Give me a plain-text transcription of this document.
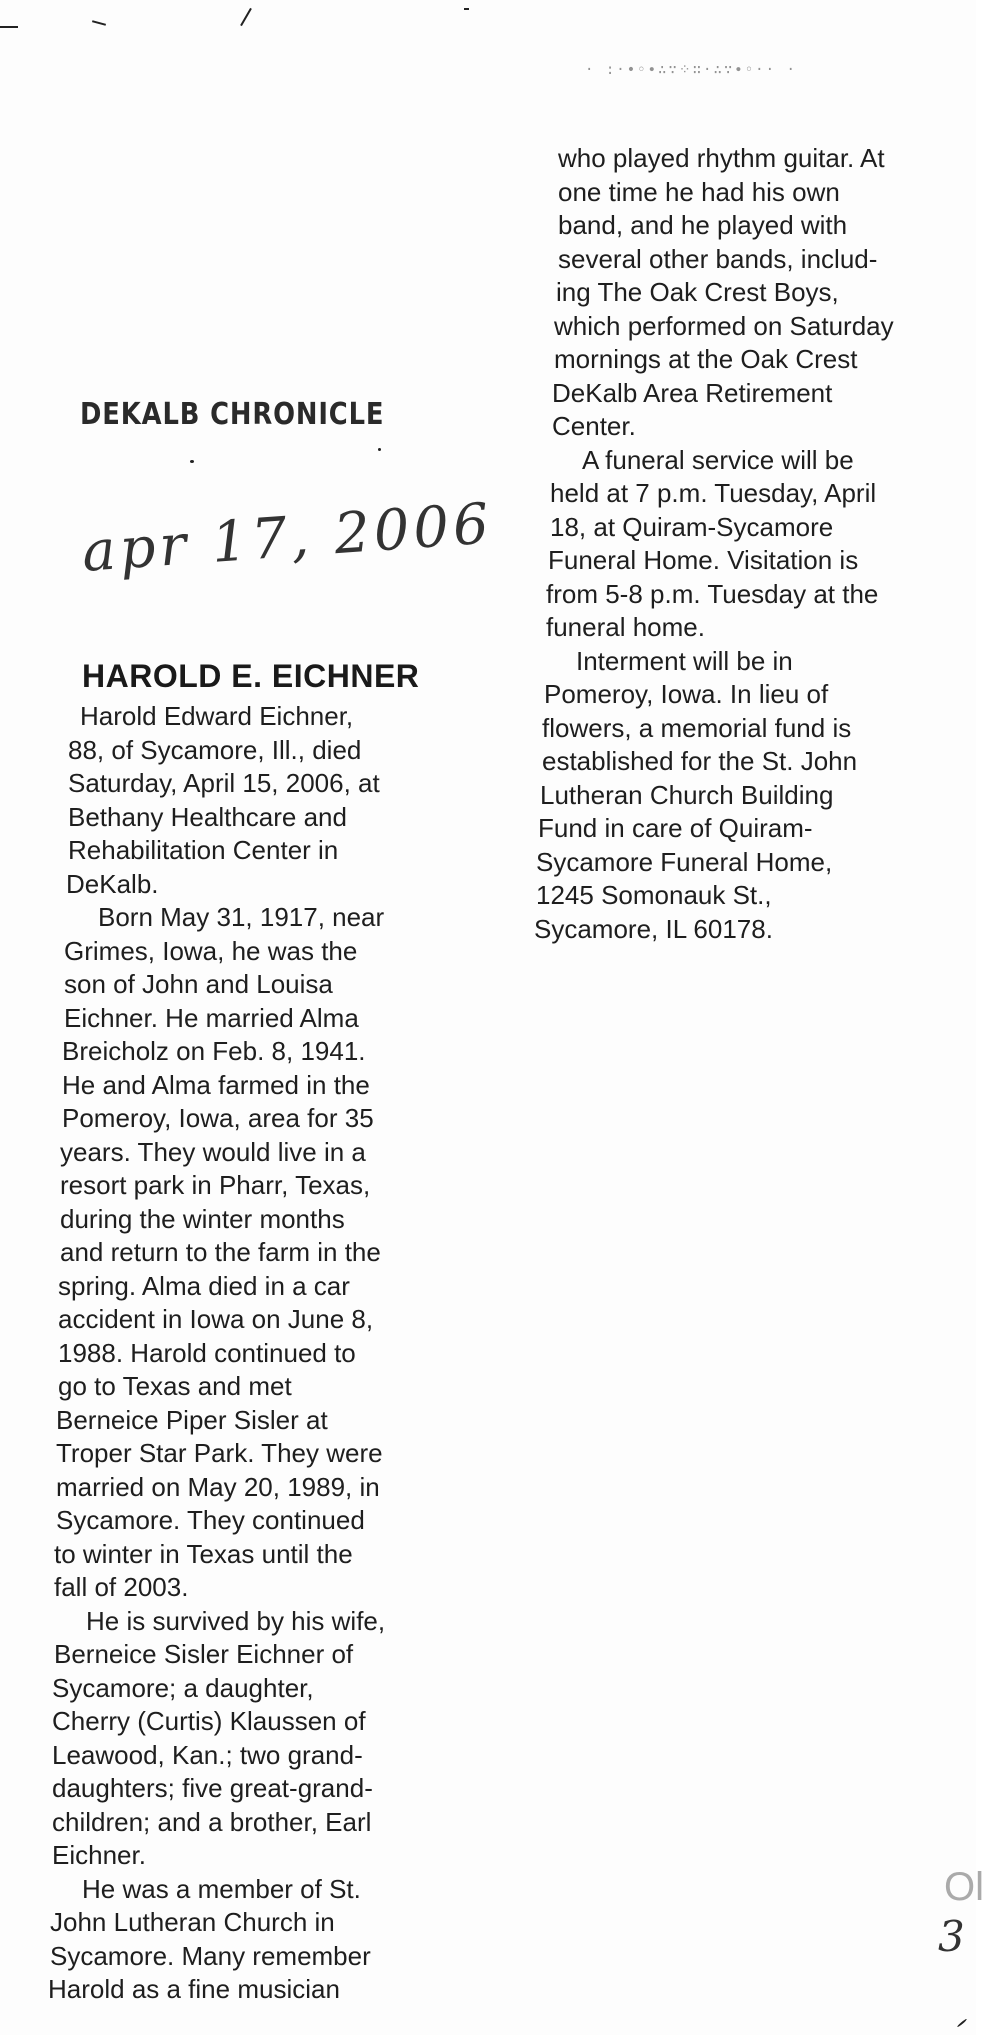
· :·•◦∙∴∵⁘∷·∴∵∙◦·· ·
DEKALB CHRONICLE
apr 17, 2006
HAROLD E. EICHNER
Harold Edward Eichner,
88, of Sycamore, Ill., died
Saturday, April 15, 2006, at
Bethany Healthcare and
Rehabilitation Center in
DeKalb.
Born May 31, 1917, near
Grimes, Iowa, he was the
son of John and Louisa
Eichner. He married Alma
Breicholz on Feb. 8, 1941.
He and Alma farmed in the
Pomeroy, Iowa, area for 35
years. They would live in a
resort park in Pharr, Texas,
during the winter months
and return to the farm in the
spring. Alma died in a car
accident in Iowa on June 8,
1988. Harold continued to
go to Texas and met
Berneice Piper Sisler at
Troper Star Park. They were
married on May 20, 1989, in
Sycamore. They continued
to winter in Texas until the
fall of 2003.
He is survived by his wife,
Berneice Sisler Eichner of
Sycamore; a daughter,
Cherry (Curtis) Klaussen of
Leawood, Kan.; two grand-
daughters; five great-grand-
children; and a brother, Earl
Eichner.
He was a member of St.
John Lutheran Church in
Sycamore. Many remember
Harold as a fine musician
who played rhythm guitar. At
one time he had his own
band, and he played with
several other bands, includ-
ing The Oak Crest Boys,
which performed on Saturday
mornings at the Oak Crest
DeKalb Area Retirement
Center.
A funeral service will be
held at 7 p.m. Tuesday, April
18, at Quiram-Sycamore
Funeral Home. Visitation is
from 5-8 p.m. Tuesday at the
funeral home.
Interment will be in
Pomeroy, Iowa. In lieu of
flowers, a memorial fund is
established for the St. John
Lutheran Church Building
Fund in care of Quiram-
Sycamore Funeral Home,
1245 Somonauk St.,
Sycamore, IL 60178.
Ol
3
